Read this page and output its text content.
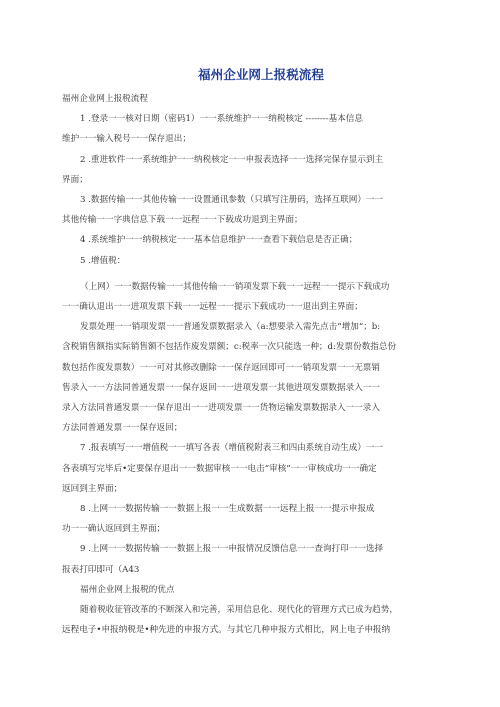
福州企业网上报税流程
福州企业网上报税流程
1 .登录一一核对日期（密码1）一一系统维护一一纳税核定 --------基本信息
维护一一输入税号一一保存退出；
2 .重进软件一一系统维护一一纳税核定一一申报表选择一一选择完保存显示到主
界面；
3 .数据传输一一其他传输一一设置通讯参数（只填写注册码，选择互联网）一一
其他传输一一字典信息下载一一远程一一下载成功退到主界面；
4 .系统维护一一纳税核定一一基本信息维护一一查看下载信息是否正确；
5 .增值税：
（上网）一一数据传输一一其他传输一一销项发票下载一一远程一一提示下载成功
一一确认退出一一进项发票下载一一远程一一提示下载成功一一退出到主界面；
发票处理一一销项发票一一普通发票数据录入（a:想要录入需先点击“增加“；b:
含税销售额指实际销售额不包括作废发票额；c:税率一次只能选一种；d:发票份数指总份
数包括作废发票数）一一可对其修改删除一一保存返回即可一一销项发票一一无票销
售录入一一方法同普通发票一一保存返回一一进项发票一其他进项发票数据录入一一
录入方法同普通发票一一保存退出一一进项发票一一货物运输发票数据录入一一录入
方法同普通发票一一保存返回；
7 .报表填写一一增值税一一填写各表（增值税附表三和四由系统自动生成）一一
各表填写完毕后•定要保存退出一一数据审核一一电击“审核”一一审核成功一一确定
返回到主界面；
8 .上网一一数据传输一一数据上报一一生成数据一一远程上报一一提示申报成
功一一确认返回到主界面；
9 .上网一一数据传输一一数据上报一一申报情况反馈信息一一查询打印一一选择
报表打印即可（A43
福州企业网上报税的优点
随着税收征管改革的不断深入和完善，采用信息化、现代化的管理方式已成为趋势，
远程电子•申报纳税是•种先进的申报方式。与其它几种申报方式相比，网上电子申报纳
